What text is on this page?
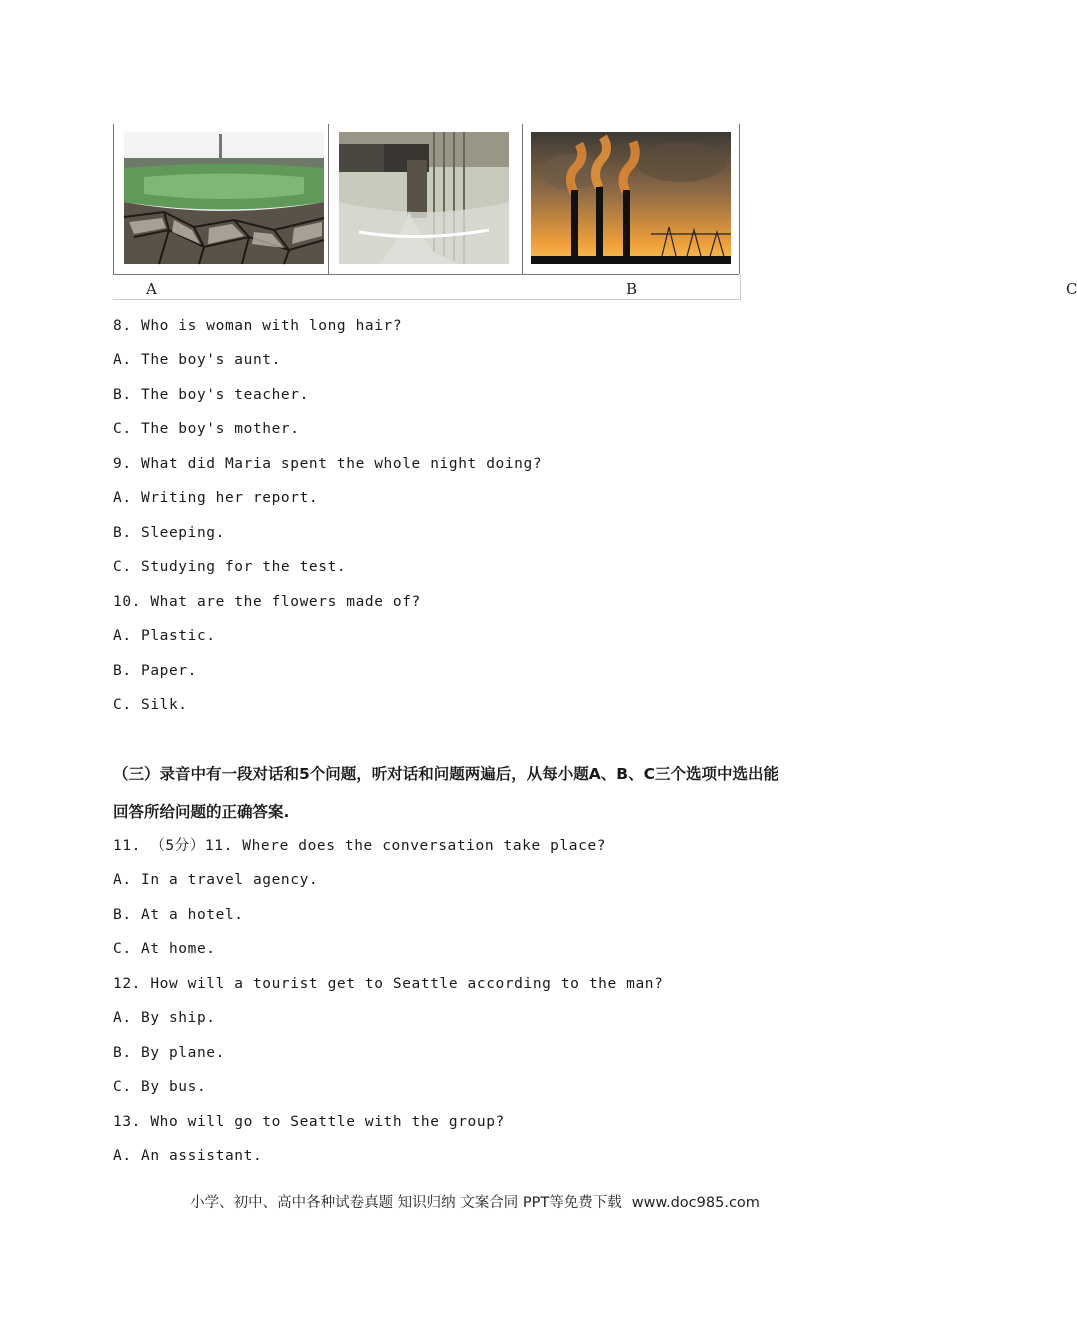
A	B	C
8. Who is woman with long hair?
A. The boy's aunt.
B. The boy's teacher.
C. The boy's mother.
9. What did Maria spent the whole night doing?
A. Writing her report.
B. Sleeping.
C. Studying for the test.
10. What are the flowers made of?
A. Plastic.
B. Paper.
C. Silk.
（三）录音中有一段对话和5个问题，听对话和问题两遍后，从每小题A、B、C三个选项中选出能
回答所给问题的正确答案.
11. （5分）11. Where does the conversation take place?
A. In a travel agency.
B. At a hotel.
C. At home.
12. How will a tourist get to Seattle according to the man?
A. By ship.
B. By plane.
C. By bus.
13. Who will go to Seattle with the group?
A. An assistant.
小学、初中、高中各种试卷真题 知识归纳 文案合同 PPT等免费下载 www.doc985.com
